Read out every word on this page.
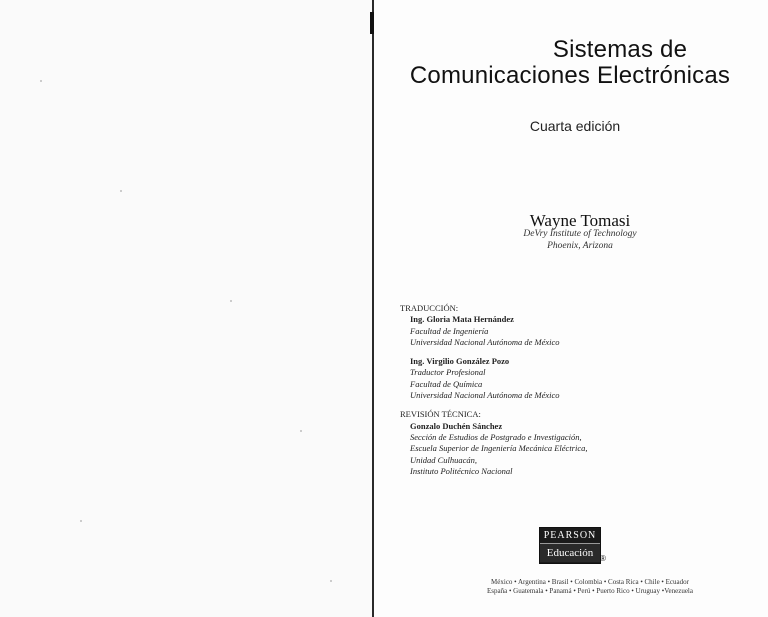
Sistemas de
Comunicaciones Electrónicas
Cuarta edición
Wayne Tomasi
DeVry Institute of Technology
Phoenix, Arizona
TRADUCCIÓN:
Ing. Gloria Mata Hernández
Facultad de Ingeniería
Universidad Nacional Autónoma de México
Ing. Virgilio González Pozo
Traductor Profesional
Facultad de Química
Universidad Nacional Autónoma de México
REVISIÓN TÉCNICA:
Gonzalo Duchén Sánchez
Sección de Estudios de Postgrado e Investigación,
Escuela Superior de Ingeniería Mecánica Eléctrica,
Unidad Culhuacán,
Instituto Politécnico Nacional
PEARSON
Educación ®
México • Argentina • Brasil • Colombia • Costa Rica • Chile • Ecuador
España • Guatemala • Panamá • Perú • Puerto Rico • Uruguay •Venezuela
